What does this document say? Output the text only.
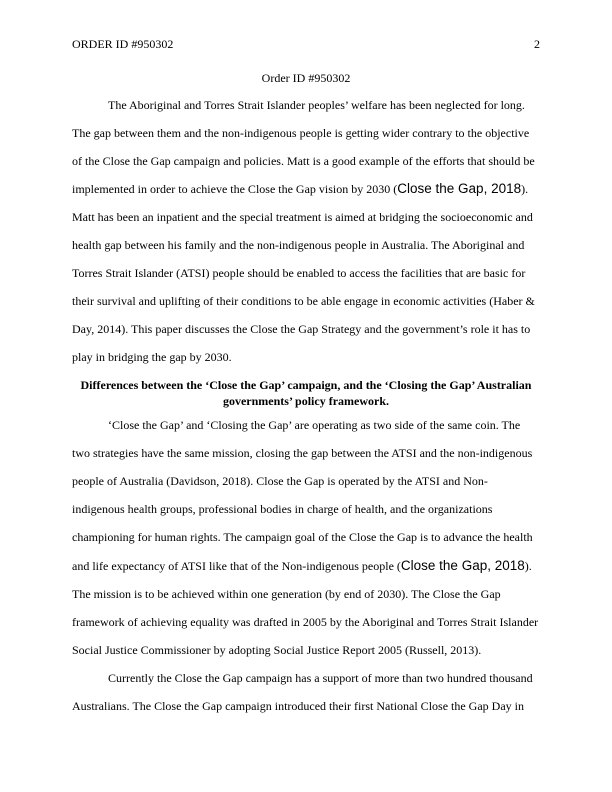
ORDER ID #950302	2
Order ID #950302
The Aboriginal and Torres Strait Islander peoples’ welfare has been neglected for long.
The gap between them and the non-indigenous people is getting wider contrary to the objective
of the Close the Gap campaign and policies. Matt is a good example of the efforts that should be
implemented in order to achieve the Close the Gap vision by 2030 (Close the Gap, 2018).
Matt has been an inpatient and the special treatment is aimed at bridging the socioeconomic and
health gap between his family and the non-indigenous people in Australia. The Aboriginal and
Torres Strait Islander (ATSI) people should be enabled to access the facilities that are basic for
their survival and uplifting of their conditions to be able engage in economic activities (Haber &
Day, 2014). This paper discusses the Close the Gap Strategy and the government’s role it has to
play in bridging the gap by 2030.
Differences between the ‘Close the Gap’ campaign, and the ‘Closing the Gap’ Australian
governments’ policy framework.
‘Close the Gap’ and ‘Closing the Gap’ are operating as two side of the same coin. The
two strategies have the same mission, closing the gap between the ATSI and the non-indigenous
people of Australia (Davidson, 2018). Close the Gap is operated by the ATSI and Non-
indigenous health groups, professional bodies in charge of health, and the organizations
championing for human rights. The campaign goal of the Close the Gap is to advance the health
and life expectancy of ATSI like that of the Non-indigenous people (Close the Gap, 2018).
The mission is to be achieved within one generation (by end of 2030). The Close the Gap
framework of achieving equality was drafted in 2005 by the Aboriginal and Torres Strait Islander
Social Justice Commissioner by adopting Social Justice Report 2005 (Russell, 2013).
Currently the Close the Gap campaign has a support of more than two hundred thousand
Australians. The Close the Gap campaign introduced their first National Close the Gap Day in
